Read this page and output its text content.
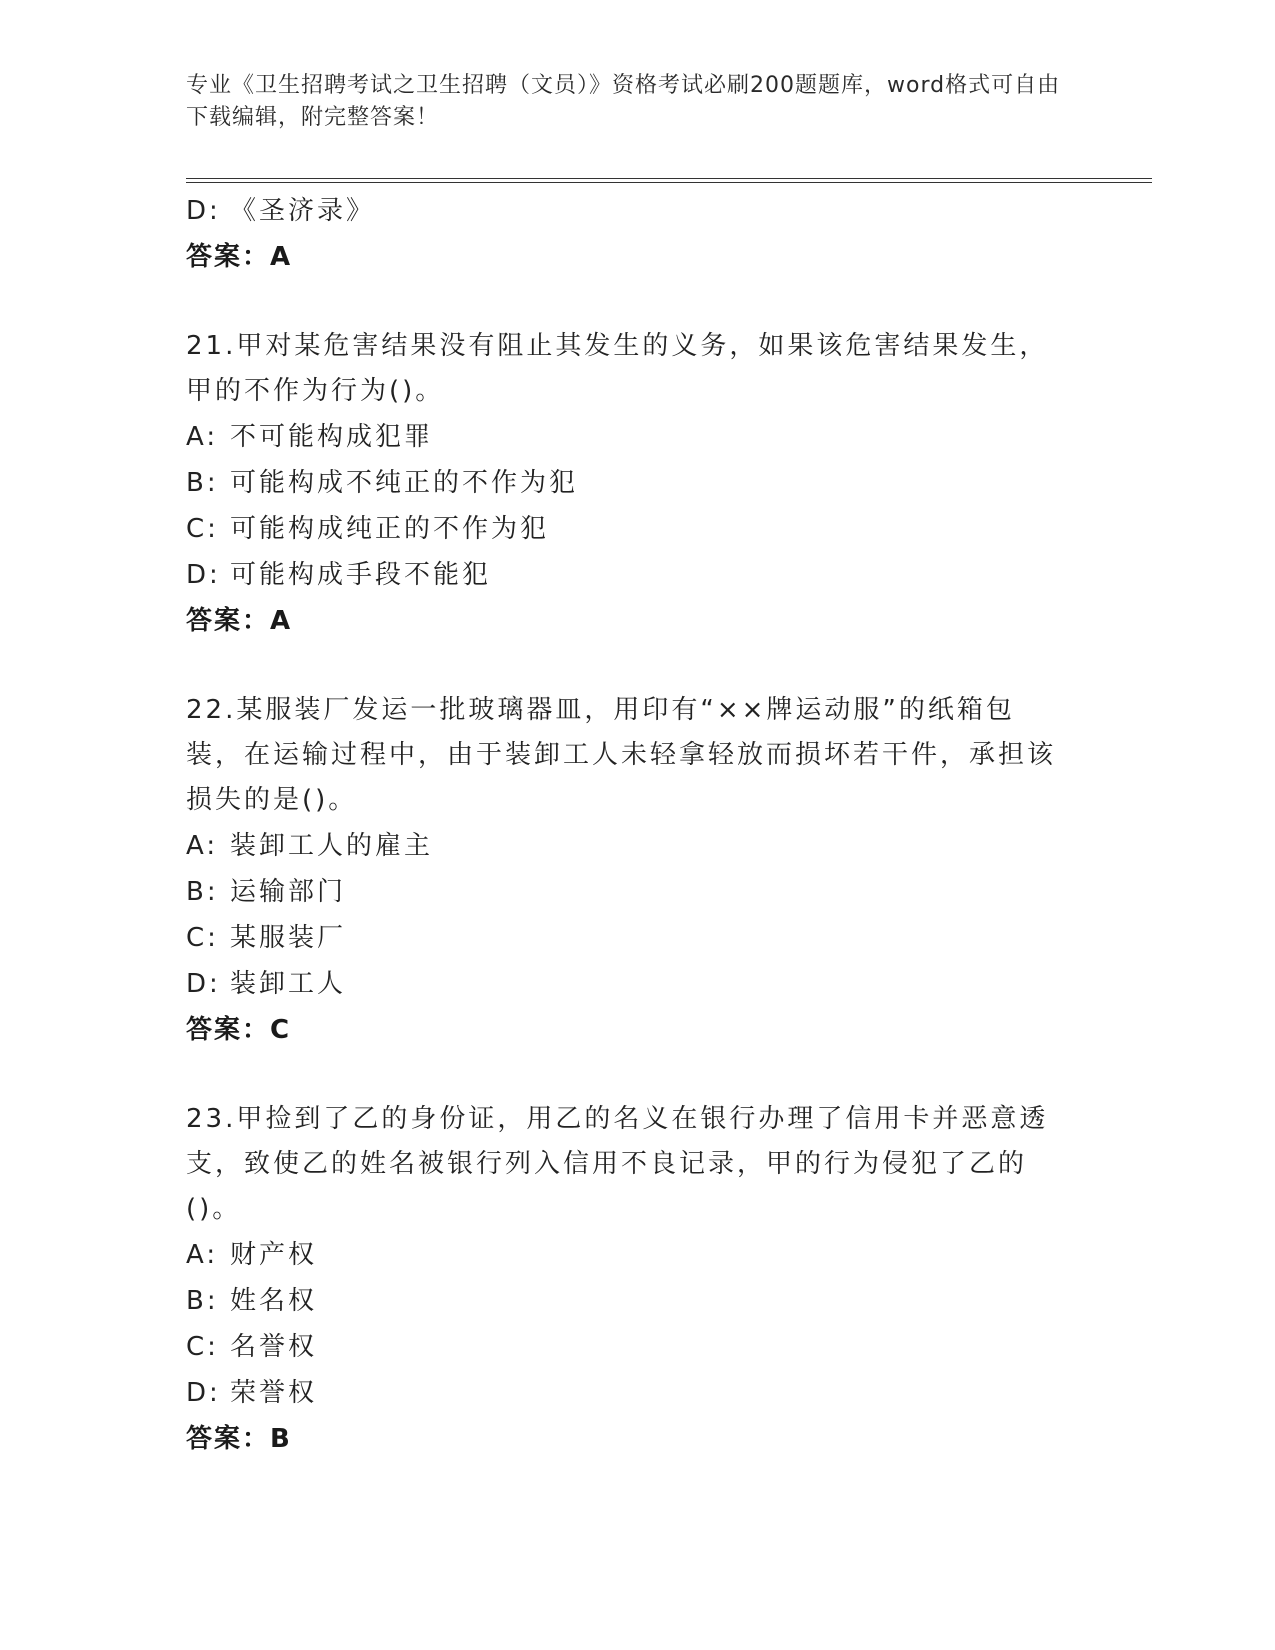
专业《卫生招聘考试之卫生招聘（文员）》资格考试必刷200题题库，word格式可自由下载编辑，附完整答案！
D: 《圣济录》
答案：A
21.甲对某危害结果没有阻止其发生的义务，如果该危害结果发生，甲的不作为行为()。
A: 不可能构成犯罪
B: 可能构成不纯正的不作为犯
C: 可能构成纯正的不作为犯
D: 可能构成手段不能犯
答案：A
22.某服装厂发运一批玻璃器皿，用印有“××牌运动服”的纸箱包装，在运输过程中，由于装卸工人未轻拿轻放而损坏若干件，承担该损失的是()。
A: 装卸工人的雇主
B: 运输部门
C: 某服装厂
D: 装卸工人
答案：C
23.甲捡到了乙的身份证，用乙的名义在银行办理了信用卡并恶意透支，致使乙的姓名被银行列入信用不良记录，甲的行为侵犯了乙的()。
A: 财产权
B: 姓名权
C: 名誉权
D: 荣誉权
答案：B
